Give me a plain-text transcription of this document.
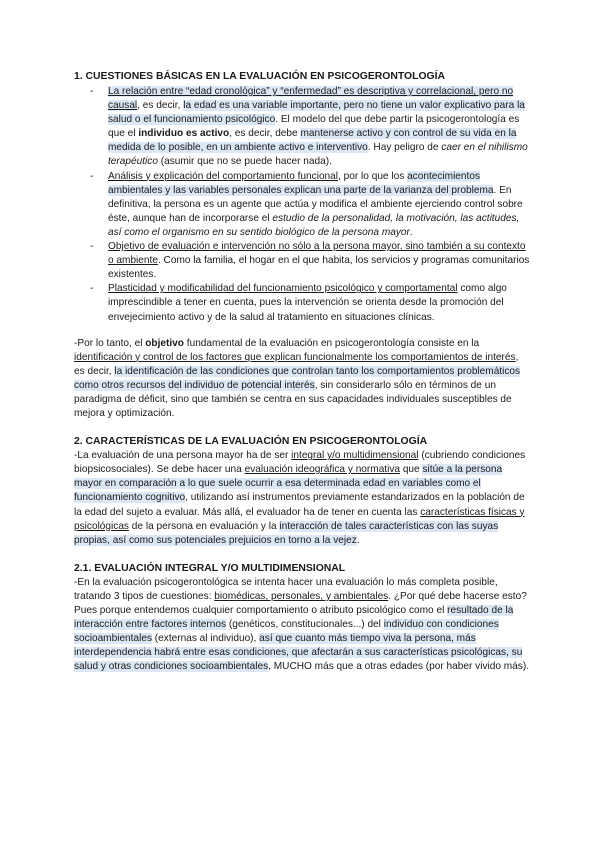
1. CUESTIONES BÁSICAS EN LA EVALUACIÓN EN PSICOGERONTOLOGÍA
- La relación entre “edad cronológica” y “enfermedad” es descriptiva y correlacional, pero no causal, es decir, la edad es una variable importante, pero no tiene un valor explicativo para la salud o el funcionamiento psicológico. El modelo del que debe partir la psicogerontología es que el individuo es activo, es decir, debe mantenerse activo y con control de su vida en la medida de lo posible, en un ambiente activo e interventivo. Hay peligro de caer en el nihilismo terapéutico (asumir que no se puede hacer nada).
- Análisis y explicación del comportamiento funcional, por lo que los acontecimientos ambientales y las variables personales explican una parte de la varianza del problema. En definitiva, la persona es un agente que actúa y modifica el ambiente ejerciendo control sobre éste, aunque han de incorporarse el estudio de la personalidad, la motivación, las actitudes, así como el organismo en su sentido biológico de la persona mayor.
- Objetivo de evaluación e intervención no sólo a la persona mayor, sino también a su contexto o ambiente. Como la familia, el hogar en el que habita, los servicios y programas comunitarios existentes.
- Plasticidad y modificabilidad del funcionamiento psicológico y comportamental como algo imprescindible a tener en cuenta, pues la intervención se orienta desde la promoción del envejecimiento activo y de la salud al tratamiento en situaciones clínicas.

-Por lo tanto, el objetivo fundamental de la evaluación en psicogerontología consiste en la identificación y control de los factores que explican funcionalmente los comportamientos de interés, es decir, la identificación de las condiciones que controlan tanto los comportamientos problemáticos como otros recursos del individuo de potencial interés, sin considerarlo sólo en términos de un paradigma de déficit, sino que también se centra en sus capacidades individuales susceptibles de mejora y optimización.

2. CARACTERÍSTICAS DE LA EVALUACIÓN EN PSICOGERONTOLOGÍA

-La evaluación de una persona mayor ha de ser integral y/o multidimensional (cubriendo condiciones biopsicosociales). Se debe hacer una evaluación ideográfica y normativa que sitúe a la persona mayor en comparación a lo que suele ocurrir a esa determinada edad en variables como el funcionamiento cognitivo, utilizando así instrumentos previamente estandarizados en la población de la edad del sujeto a evaluar. Más allá, el evaluador ha de tener en cuenta las características físicas y psicológicas de la persona en evaluación y la interacción de tales características con las suyas propias, así como sus potenciales prejuicios en torno a la vejez.

2.1. EVALUACIÓN INTEGRAL Y/O MULTIDIMENSIONAL

-En la evaluación psicogerontológica se intenta hacer una evaluación lo más completa posible, tratando 3 tipos de cuestiones: biomédicas, personales, y ambientales. ¿Por qué debe hacerse esto? Pues porque entendemos cualquier comportamiento o atributo psicológico como el resultado de la interacción entre factores internos (genéticos, constitucionales...) del individuo con condiciones socioambientales (externas al individuo), así que cuanto más tiempo viva la persona, más interdependencia habrá entre esas condiciones, que afectarán a sus características psicológicas, su salud y otras condiciones socioambientales, MUCHO más que a otras edades (por haber vivido más).
